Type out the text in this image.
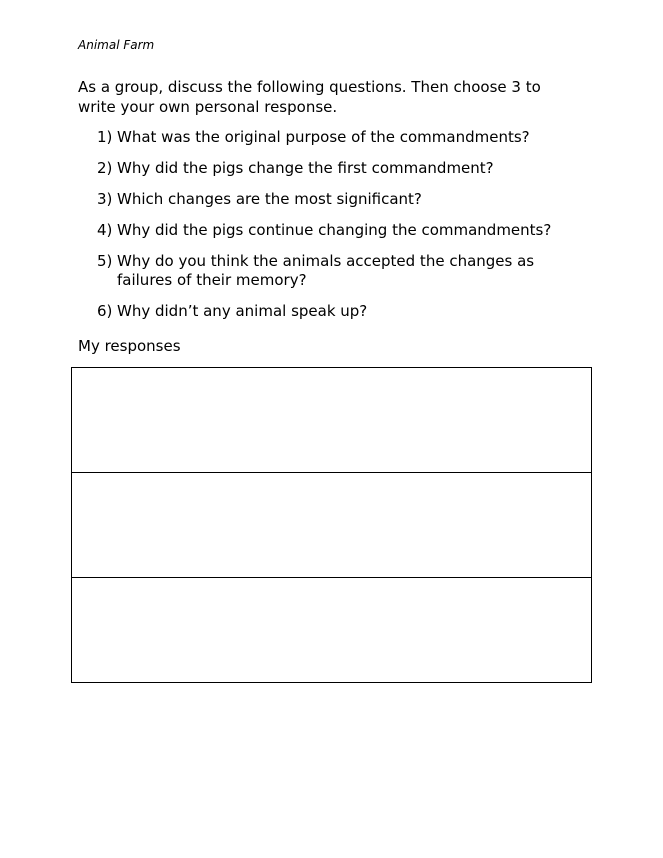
Animal Farm

As a group, discuss the following questions. Then choose 3 to write your own personal response.

1) What was the original purpose of the commandments?
2) Why did the pigs change the first commandment?
3) Which changes are the most significant?
4) Why did the pigs continue changing the commandments?
5) Why do you think the animals accepted the changes as failures of their memory?
6) Why didn’t any animal speak up?
My responses
